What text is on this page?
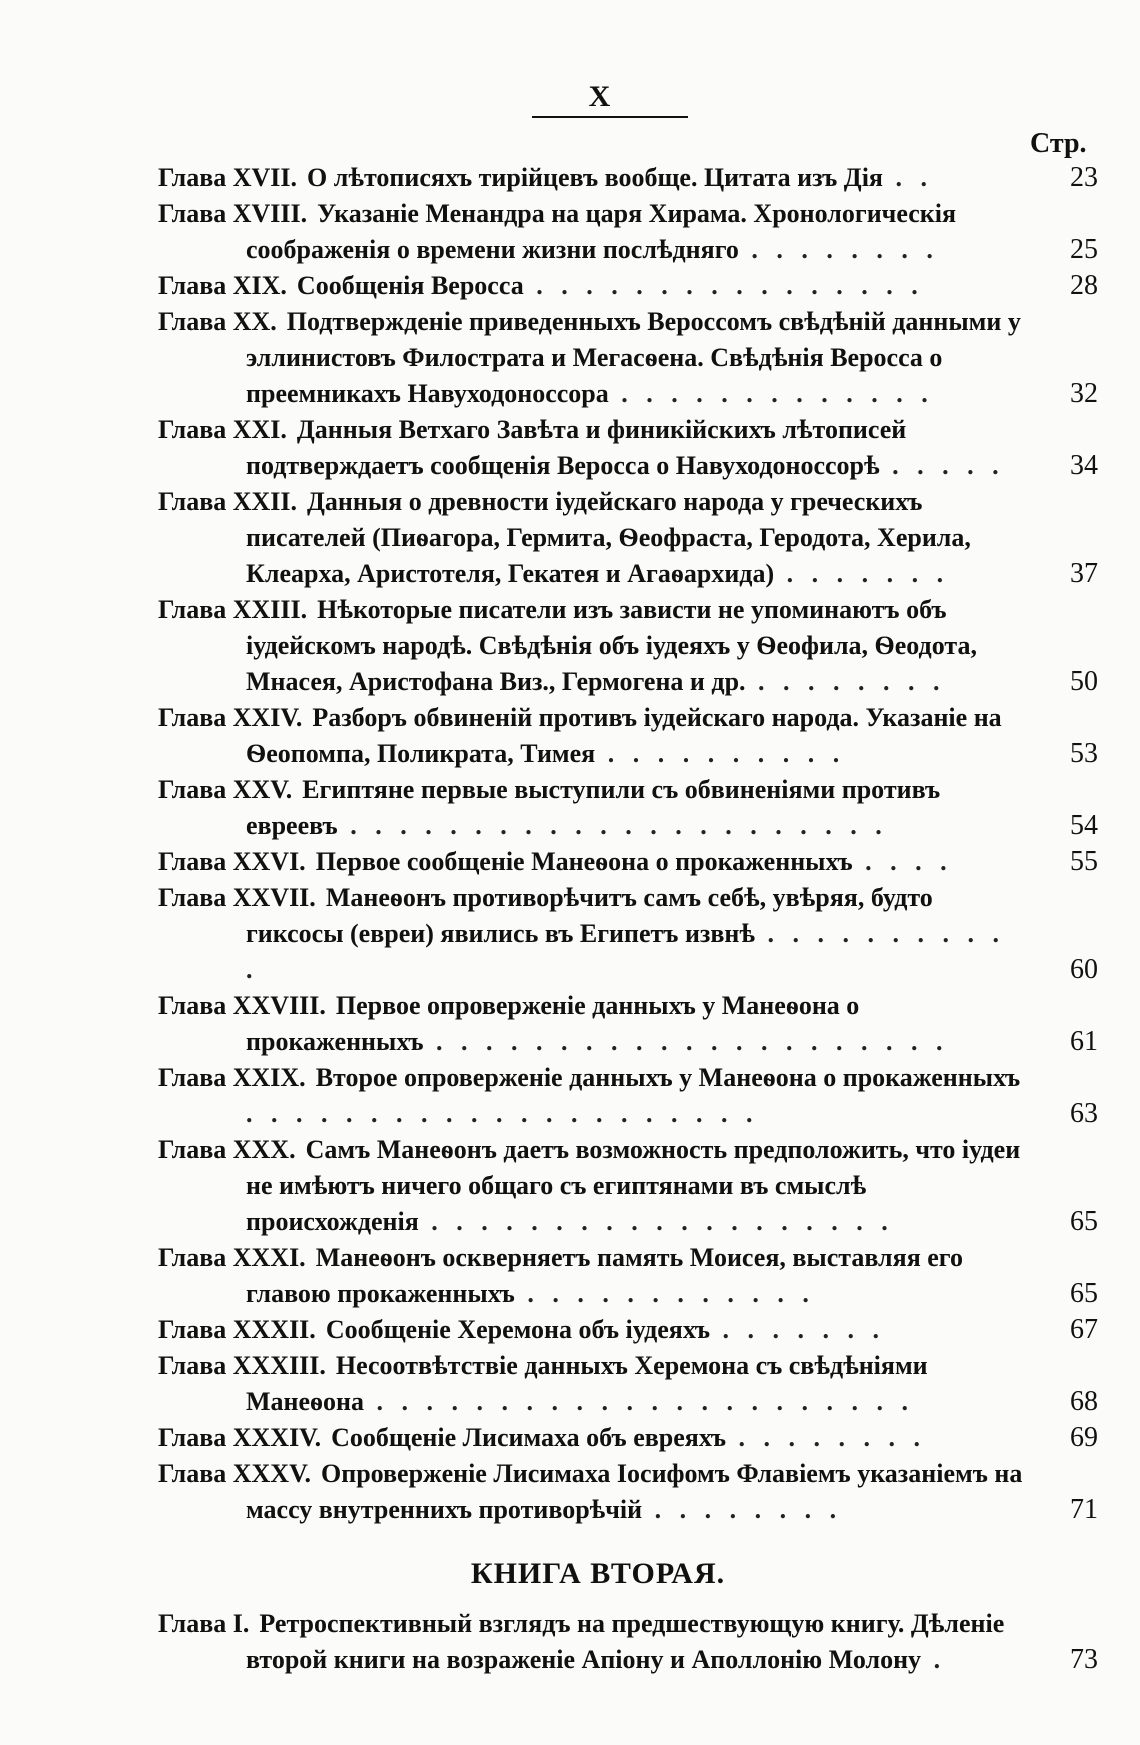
X
Стр.
Глава XVII. О лѣтописяхъ тирійцевъ вообще. Цитата изъ Дія . .	23
Глава XVIII. Указаніе Менандра на царя Хирама. Хронологическія соображенія о времени жизни послѣдняго . . . . . . . .	25
Глава XIX. Сообщенія Веросса . . . . . . . . . . . . . . . .	28
Глава XX. Подтвержденіе приведенныхъ Вероссомъ свѣдѣній данными у эллинистовъ Филострата и Мегасѳена. Свѣдѣнія Веросса о преемникахъ Навуходоноссора . . . . . . . . . . . . .	32
Глава XXI. Данныя Ветхаго Завѣта и финикійскихъ лѣтописей подтверждаетъ сообщенія Веросса о Навуходоноссорѣ . . . . .	34
Глава XXII. Данныя о древности іудейскаго народа у греческихъ писателей (Пиѳагора, Гермита, Ѳеофраста, Геродота, Херила, Клеарха, Аристотеля, Гекатея и Агаѳархида) . . . . . . .	37
Глава XXIII. Нѣкоторые писатели изъ зависти не упоминаютъ объ іудейскомъ народѣ. Свѣдѣнія объ іудеяхъ у Ѳеофила, Ѳеодота, Мнасея, Аристофана Виз., Гермогена и др. . . . . . . . .	50
Глава XXIV. Разборъ обвиненій противъ іудейскаго народа. Указаніе на Ѳеопомпа, Поликрата, Тимея . . . . . . . . . .	53
Глава XXV. Египтяне первые выступили съ обвиненіями противъ евреевъ . . . . . . . . . . . . . . . . . . . . . .	54
Глава XXVI. Первое сообщеніе Манеѳона о прокаженныхъ . . . .	55
Глава XXVII. Манеѳонъ противорѣчитъ самъ себѣ, увѣряя, будто гиксосы (евреи) явились въ Египетъ извнѣ . . . . . . . . . . .	60
Глава XXVIII. Первое опроверженіе данныхъ у Манеѳона о прокаженныхъ . . . . . . . . . . . . . . . . . . . . .	61
Глава XXIX. Второе опроверженіе данныхъ у Манеѳона о прокаженныхъ . . . . . . . . . . . . . . . . . . . . .	63
Глава XXX. Самъ Манеѳонъ даетъ возможность предположить, что іудеи не имѣютъ ничего общаго съ египтянами въ смыслѣ происхожденія . . . . . . . . . . . . . . . . . . .	65
Глава XXXI. Манеѳонъ оскверняетъ память Моисея, выставляя его главою прокаженныхъ . . . . . . . . . . . .	65
Глава XXXII. Сообщеніе Херемона объ іудеяхъ . . . . . . .	67
Глава XXXIII. Несоотвѣтствіе данныхъ Херемона съ свѣдѣніями Манеѳона . . . . . . . . . . . . . . . . . . . . . .	68
Глава XXXIV. Сообщеніе Лисимаха объ евреяхъ . . . . . . . .	69
Глава XXXV. Опроверженіе Лисимаха Іосифомъ Флавіемъ указаніемъ на массу внутреннихъ противорѣчій . . . . . . . .	71
КНИГА ВТОРАЯ.
Глава I. Ретроспективный взглядъ на предшествующую книгу. Дѣленіе второй книги на возраженіе Апіону и Аполлонію Молону .	73
